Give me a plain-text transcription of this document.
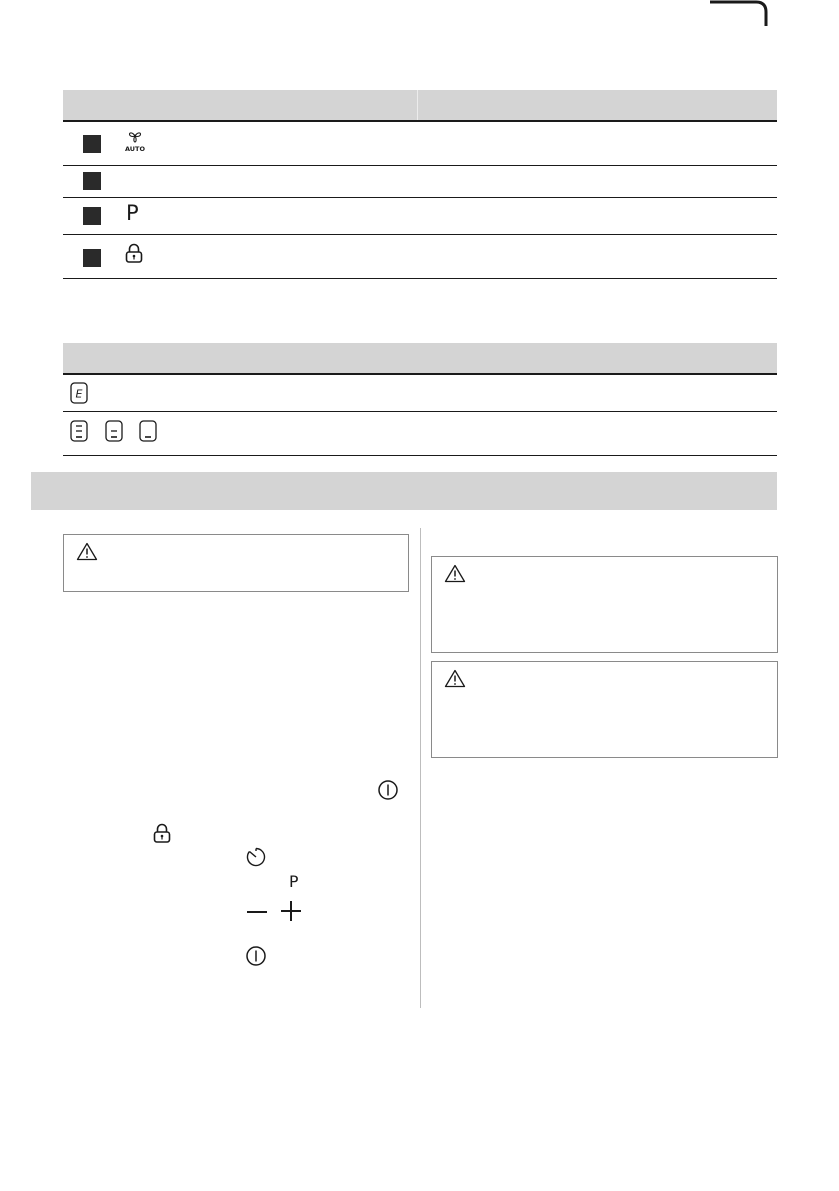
AUTO
P
E
P
